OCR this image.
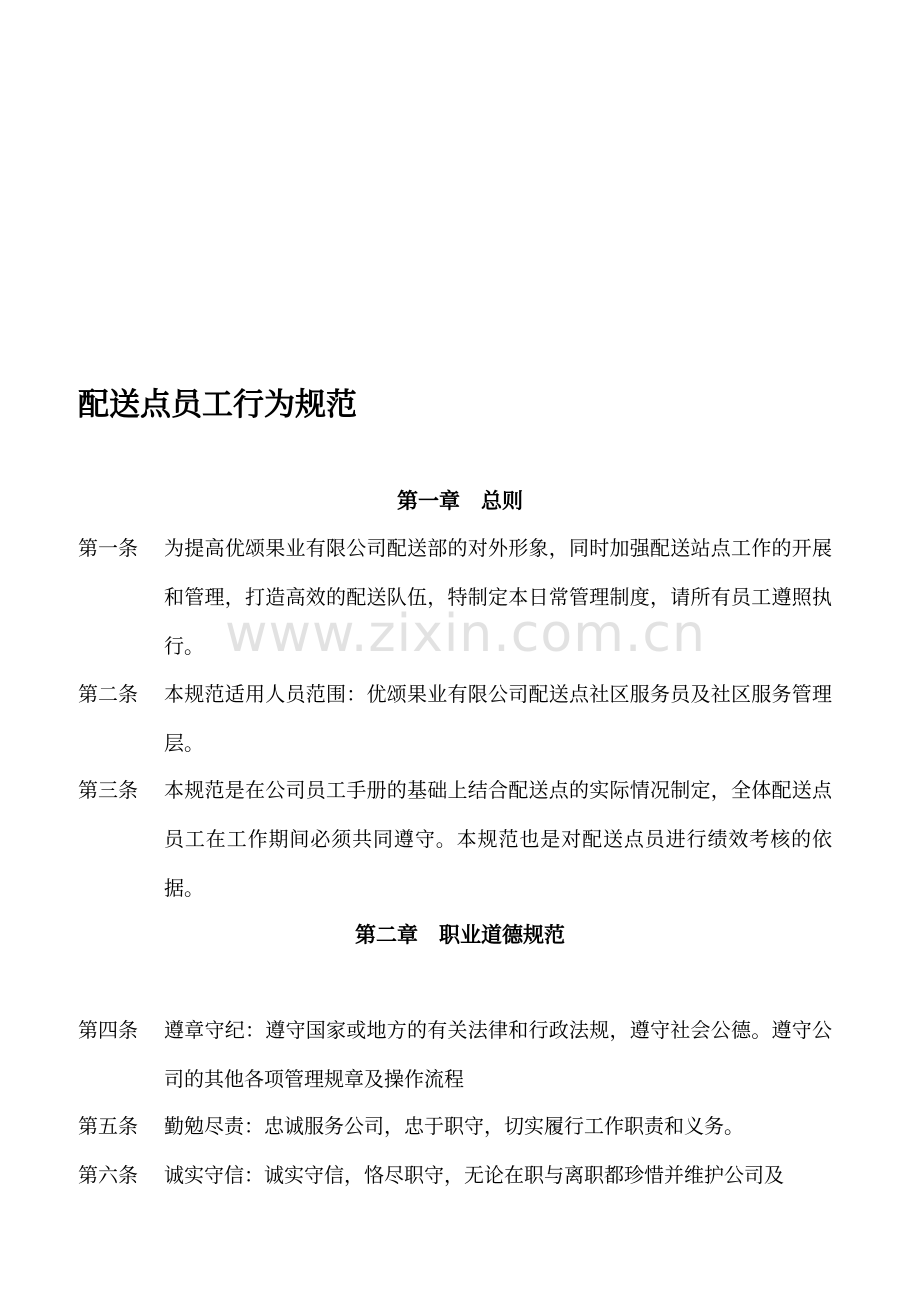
配送点员工行为规范
第一章　总则
第一条 为提高优颂果业有限公司配送部的对外形象，同时加强配送站点工作的开展和管理，打造高效的配送队伍，特制定本日常管理制度，请所有员工遵照执行。
第二条 本规范适用人员范围：优颂果业有限公司配送点社区服务员及社区服务管理层。
第三条 本规范是在公司员工手册的基础上结合配送点的实际情况制定，全体配送点员工在工作期间必须共同遵守。本规范也是对配送点员进行绩效考核的依据。
第二章　职业道德规范
第四条 遵章守纪：遵守国家或地方的有关法律和行政法规，遵守社会公德。遵守公司的其他各项管理规章及操作流程
第五条 勤勉尽责：忠诚服务公司，忠于职守，切实履行工作职责和义务。
第六条 诚实守信：诚实守信，恪尽职守，无论在职与离职都珍惜并维护公司及
www.zixin.com.cn
